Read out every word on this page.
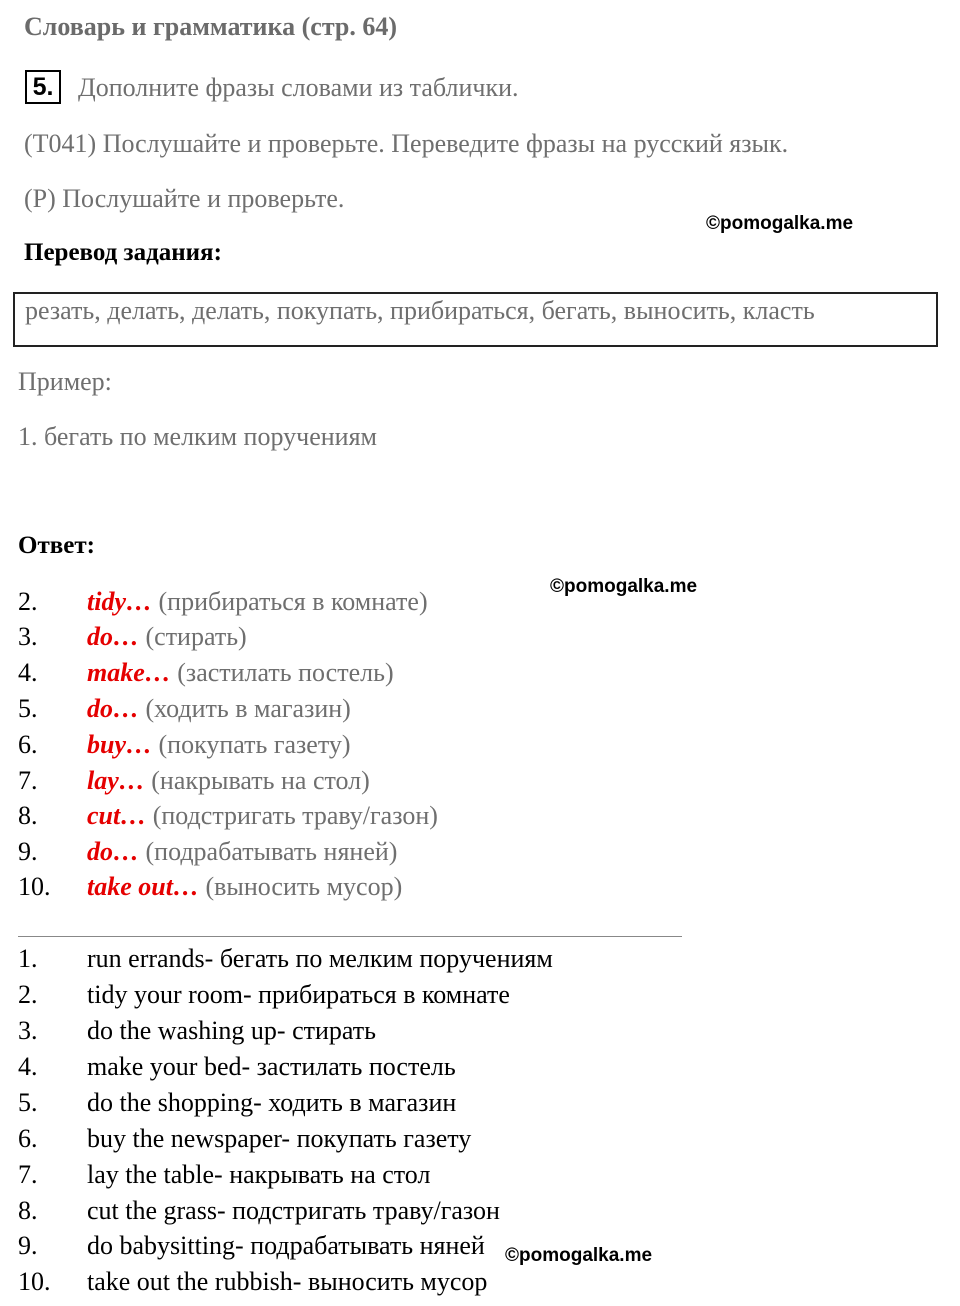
Словарь и грамматика (стр. 64)
5. Дополните фразы словами из таблички.
(T041) Послушайте и проверьте. Переведите фразы на русский язык.
(Р) Послушайте и проверьте.
©pomogalka.me
Перевод задания:
резать, делать, делать, покупать, прибираться, бегать, выносить, класть
Пример:
1. бегать по мелким поручениям
Ответ:
©pomogalka.me
2. tidy… (прибираться в комнате)
3. do… (стирать)
4. make… (застилать постель)
5. do… (ходить в магазин)
6. buy… (покупать газету)
7. lay… (накрывать на стол)
8. cut… (подстригать траву/газон)
9. do… (подрабатывать няней)
10. take out… (выносить мусор)
1. run errands- бегать по мелким поручениям
2. tidy your room- прибираться в комнате
3. do the washing up- стирать
4. make your bed- застилать постель
5. do the shopping- ходить в магазин
6. buy the newspaper- покупать газету
7. lay the table- накрывать на стол
8. cut the grass- подстригать траву/газон
9. do babysitting- подрабатывать няней
10. take out the rubbish- выносить мусор
©pomogalka.me
